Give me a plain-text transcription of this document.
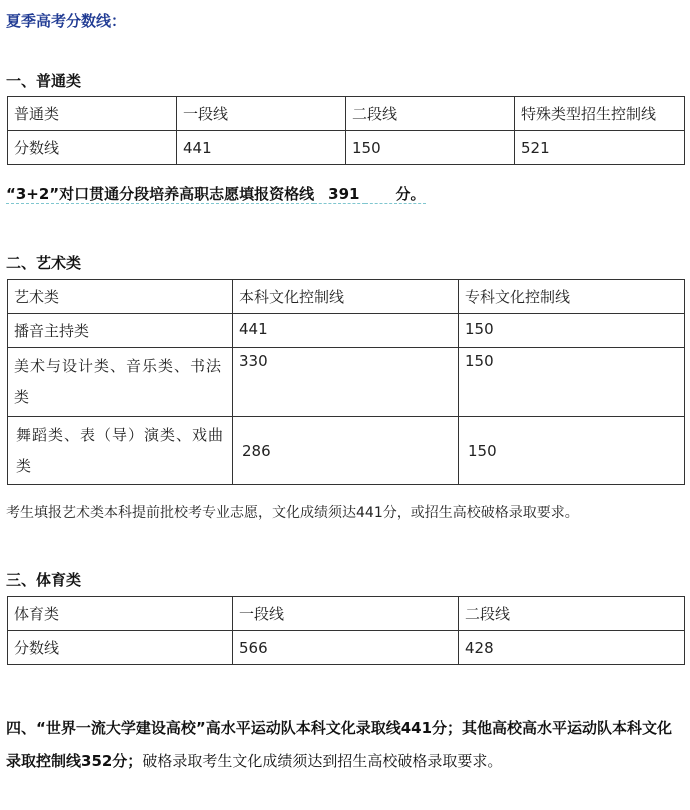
夏季高考分数线：
一、普通类
普通类	一段线	二段线	特殊类型招生控制线
分数线	441	150	521
“3+2”对口贯通分段培养高职志愿填报资格线 391 分。
二、艺术类
艺术类	本科文化控制线	专科文化控制线
播音主持类	441	150
美术与设计类、音乐类、书法类	330	150
舞蹈类、表（导）演类、戏曲类	286	150
考生填报艺术类本科提前批校考专业志愿，文化成绩须达441分，或招生高校破格录取要求。
三、体育类
体育类	一段线	二段线
分数线	566	428
四、“世界一流大学建设高校”高水平运动队本科文化录取线441分；其他高校高水平运动队本科文化录取控制线352分；破格录取考生文化成绩须达到招生高校破格录取要求。
